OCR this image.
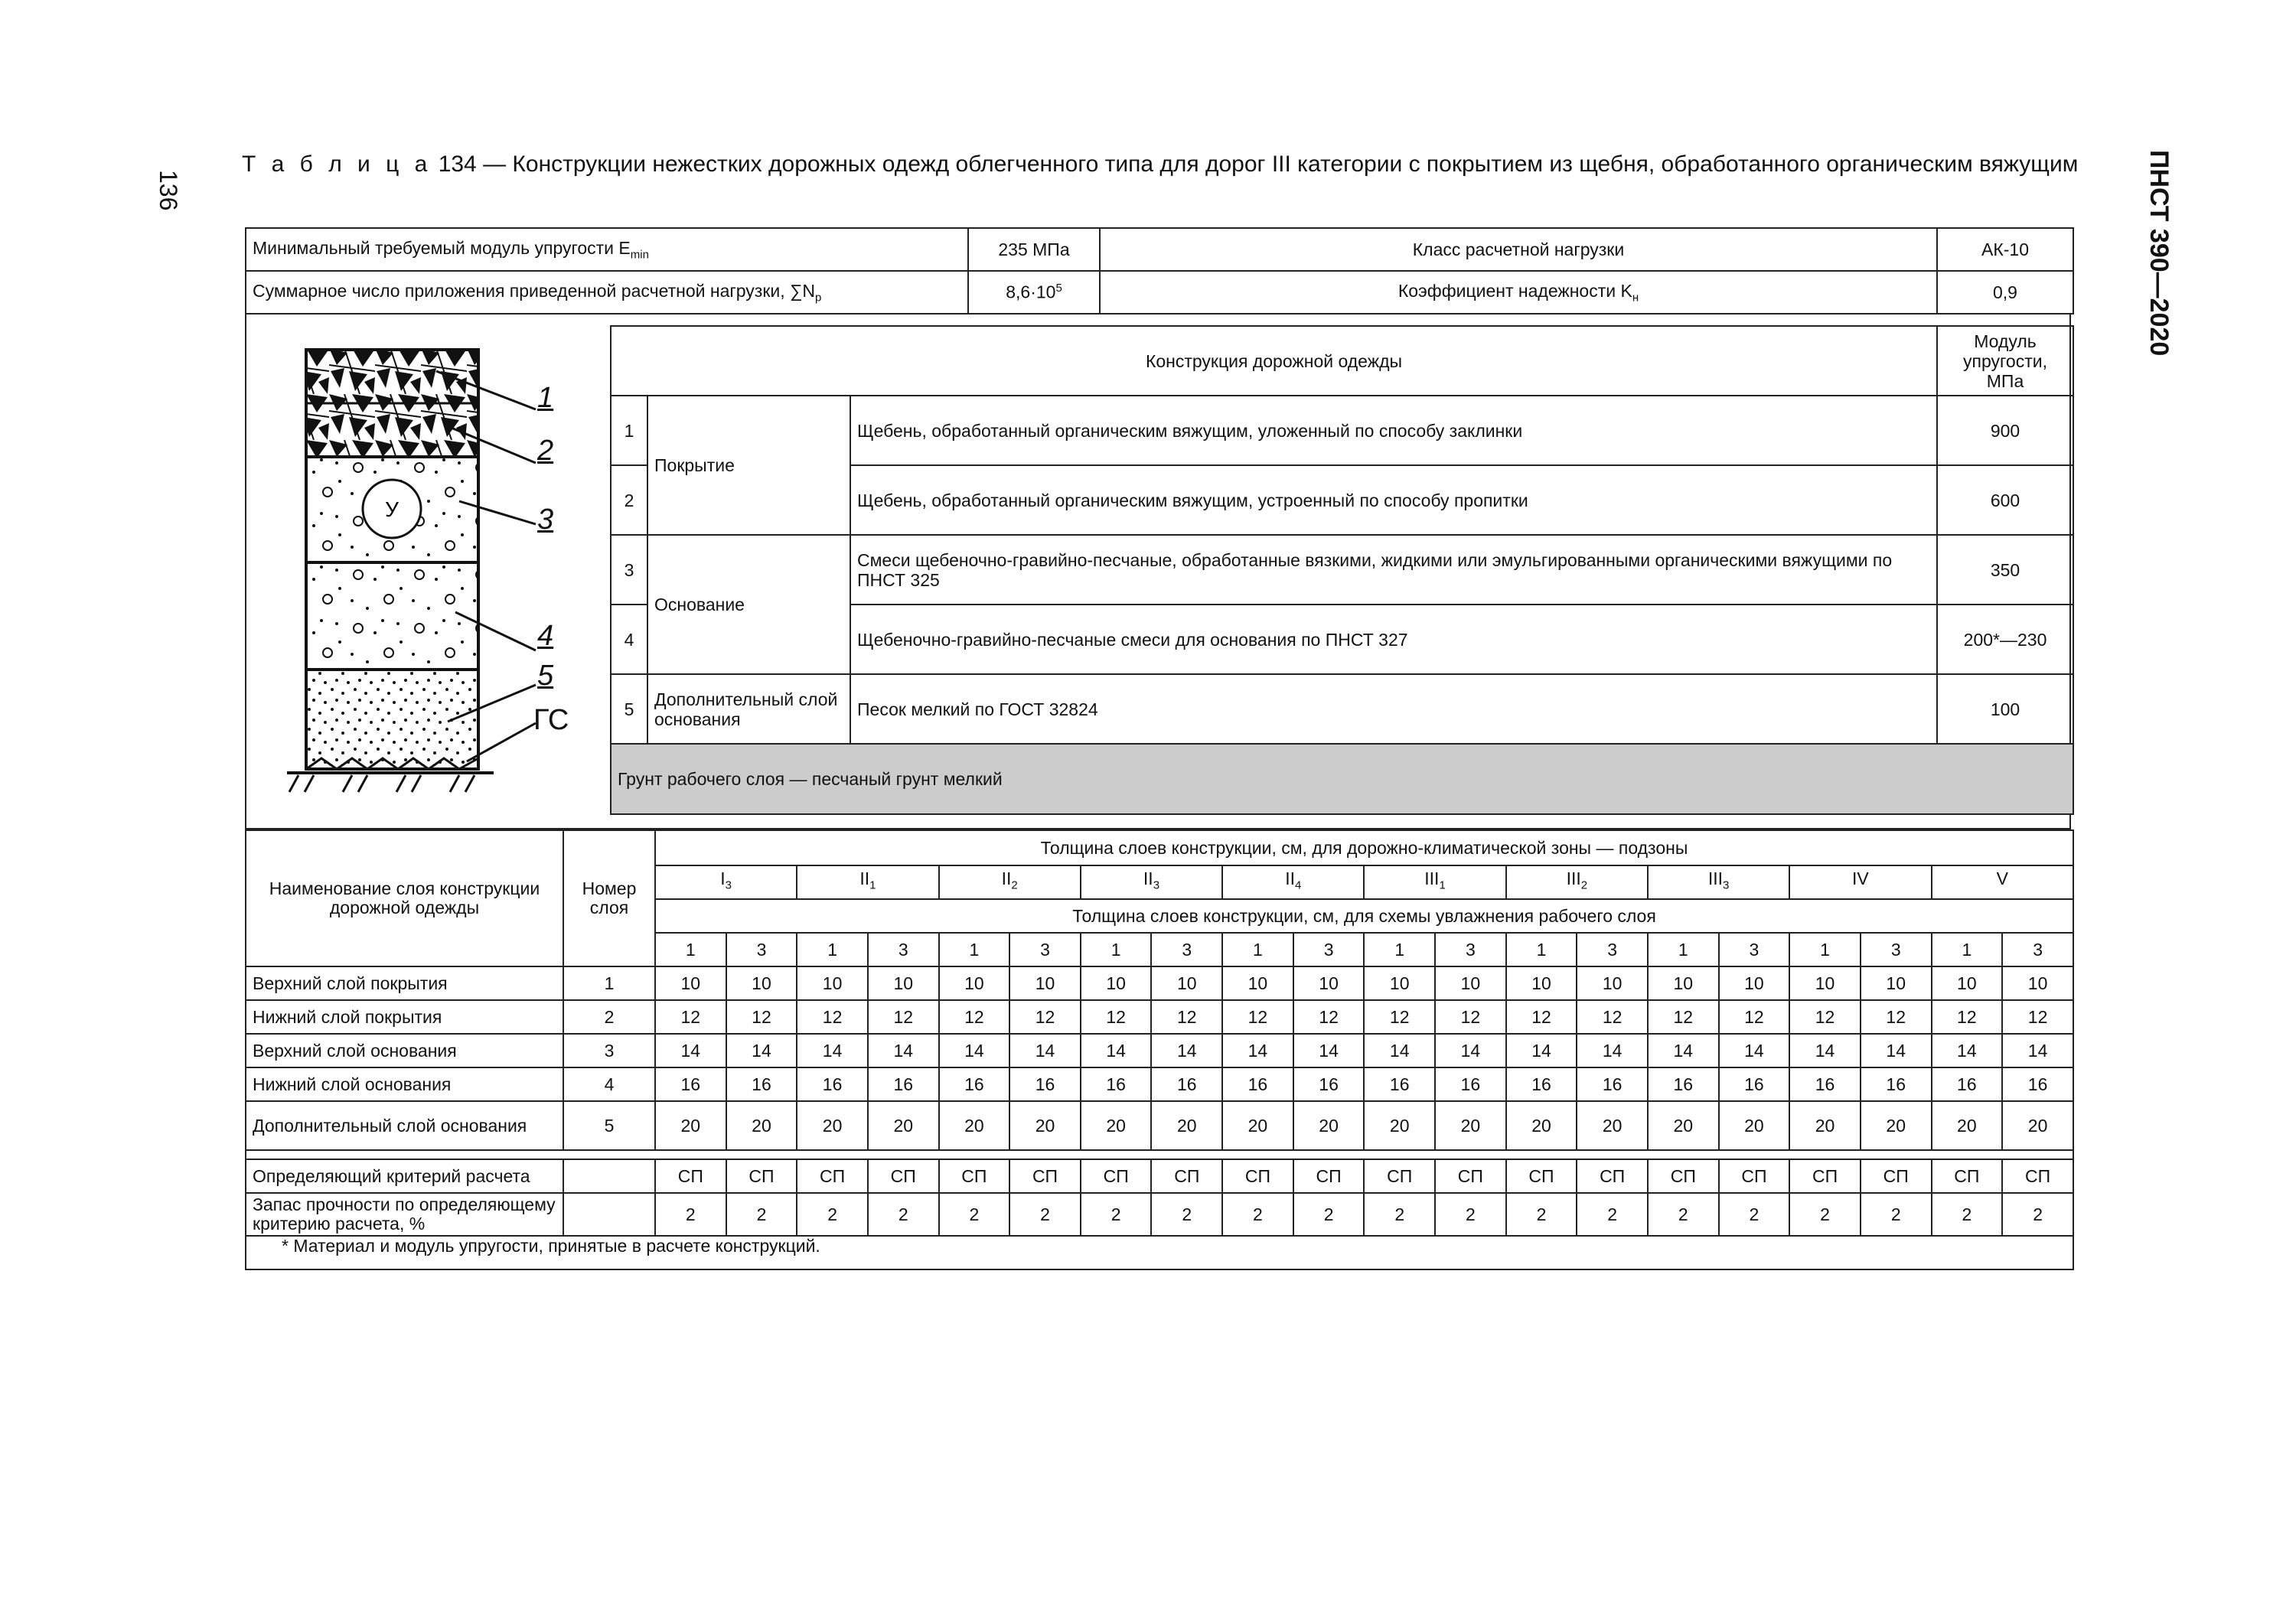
136	ПНСТ 390—2020
Т а б л и ц а 134 — Конструкции нежестких дорожных одежд облегченного типа для дорог III категории с покрытием из щебня, обработанного органическим вяжущим
Минимальный требуемый модуль упругости $E_{min}$	235 МПа	Класс расчетной нагрузки	АК-10
Суммарное число приложения приведенной расчетной нагрузки, $\sum N_р$	$8,6\cdot 10^5$	Коэффициент надежности $K_н$	0,9
У
1
2
3
4
5
ГС
Конструкция дорожной одежды			Модуль упругости, МПа
1	Покрытие	Щебень, обработанный органическим вяжущим, уложенный по способу заклинки	900
2		Щебень, обработанный органическим вяжущим, устроенный по способу пропитки	600
3	Основание	Смеси щебеночно-гравийно-песчаные, обработанные вязкими, жидкими или эмульгированными органическими вяжущими по ПНСТ 325	350
4		Щебеночно-гравийно-песчаные смеси для основания по ПНСТ 327	200*—230
5	Дополнительный слой основания	Песок мелкий по ГОСТ 32824	100
Грунт рабочего слоя — песчаный грунт мелкий			
Наименование слоя конструкции дорожной одежды	Номер слоя	Толщина слоев конструкции, см, для дорожно-климатической зоны — подзоны																			
		$I_3$		$II_1$		$II_2$		$II_3$		$II_4$		$III_1$		$III_2$		$III_3$		IV		V	
		Толщина слоев конструкции, см, для схемы увлажнения рабочего слоя																			
		1	3	1	3	1	3	1	3	1	3	1	3	1	3	1	3	1	3	1	3
Верхний слой покрытия	1	10	10	10	10	10	10	10	10	10	10	10	10	10	10	10	10	10	10	10	10
Нижний слой покрытия	2	12	12	12	12	12	12	12	12	12	12	12	12	12	12	12	12	12	12	12	12
Верхний слой основания	3	14	14	14	14	14	14	14	14	14	14	14	14	14	14	14	14	14	14	14	14
Нижний слой основания	4	16	16	16	16	16	16	16	16	16	16	16	16	16	16	16	16	16	16	16	16
Дополнительный слой основания	5	20	20	20	20	20	20	20	20	20	20	20	20	20	20	20	20	20	20	20	20

Определяющий критерий расчета		СП	СП	СП	СП	СП	СП	СП	СП	СП	СП	СП	СП	СП	СП	СП	СП	СП	СП	СП	СП
Запас прочности по определяющему критерию расчета, %		2	2	2	2	2	2	2	2	2	2	2	2	2	2	2	2	2	2	2	2
* Материал и модуль упругости, принятые в расчете конструкций.																					
